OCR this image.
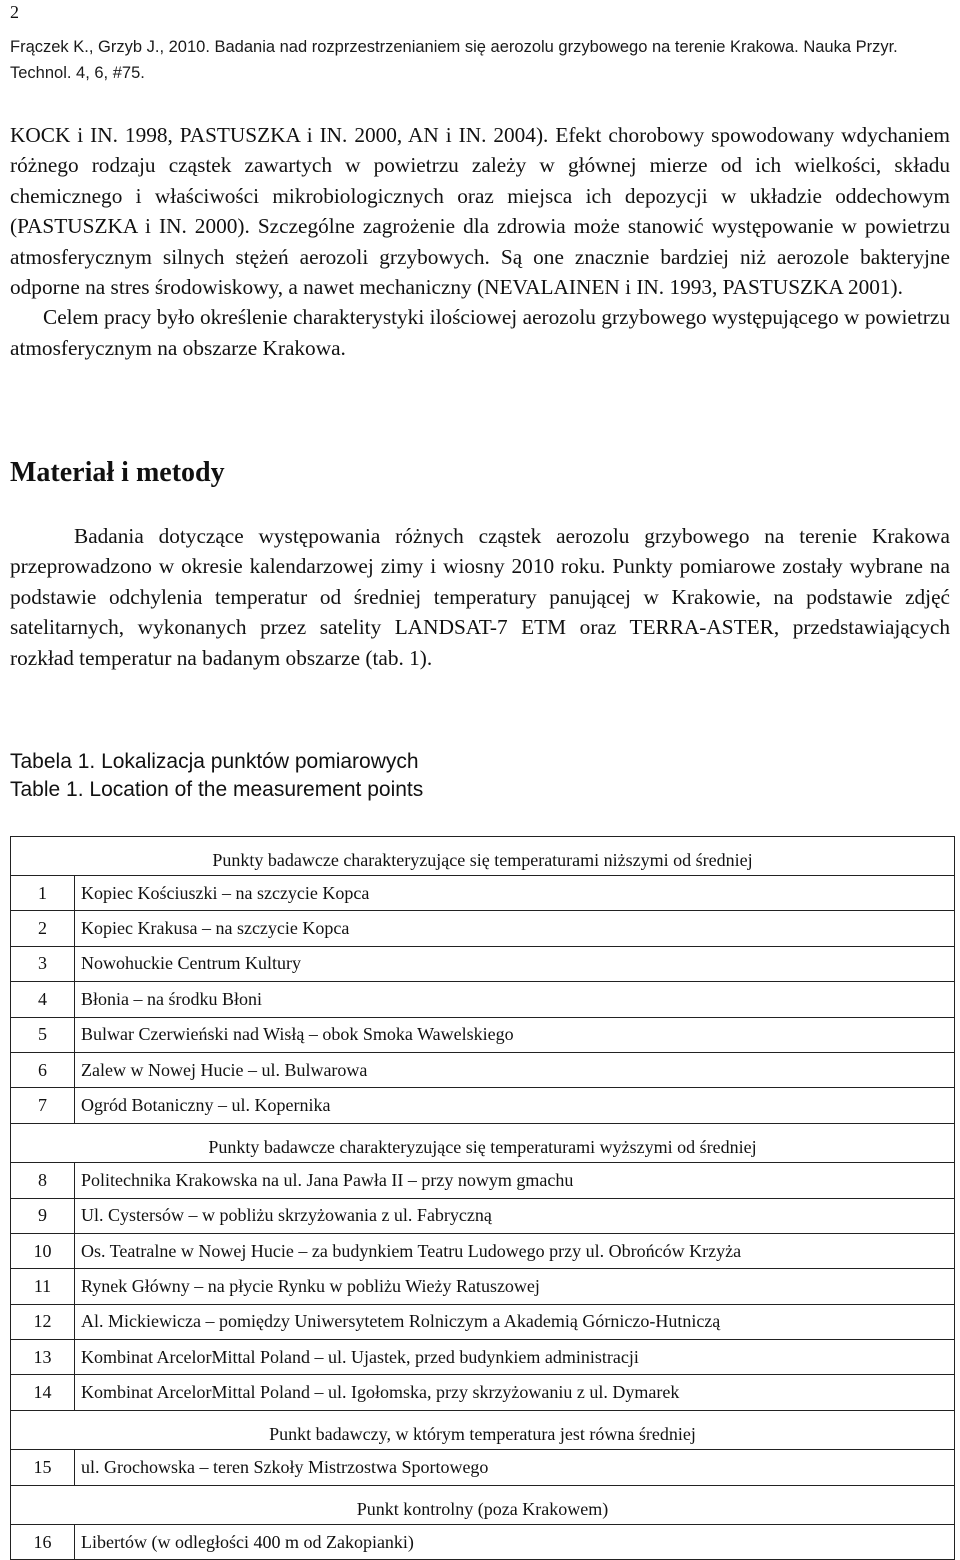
2
Frączek K., Grzyb J., 2010. Badania nad rozprzestrzenianiem się aerozolu grzybowego na terenie Krakowa. Nauka Przyr. Technol. 4, 6, #75.
KOCK i IN. 1998, PASTUSZKA i IN. 2000, AN i IN. 2004). Efekt chorobowy spowodowany wdychaniem różnego rodzaju cząstek zawartych w powietrzu zależy w głównej mierze od ich wielkości, składu chemicznego i właściwości mikrobiologicznych oraz miejsca ich depozycji w układzie oddechowym (PASTUSZKA i IN. 2000). Szczególne zagrożenie dla zdrowia może stanowić występowanie w powietrzu atmosferycznym silnych stężeń aerozoli grzybowych. Są one znacznie bardziej niż aerozole bakteryjne odporne na stres środowiskowy, a nawet mechaniczny (NEVALAINEN i IN. 1993, PASTUSZKA 2001).
Celem pracy było określenie charakterystyki ilościowej aerozolu grzybowego występującego w powietrzu atmosferycznym na obszarze Krakowa.
Materiał i metody
Badania dotyczące występowania różnych cząstek aerozolu grzybowego na terenie Krakowa przeprowadzono w okresie kalendarzowej zimy i wiosny 2010 roku. Punkty pomiarowe zostały wybrane na podstawie odchylenia temperatur od średniej temperatury panującej w Krakowie, na podstawie zdjęć satelitarnych, wykonanych przez satelity LANDSAT-7 ETM oraz TERRA-ASTER, przedstawiających rozkład temperatur na badanym obszarze (tab. 1).
Tabela 1. Lokalizacja punktów pomiarowych
Table 1. Location of the measurement points
Punkty badawcze charakteryzujące się temperaturami niższymi od średniej	
1	Kopiec Kościuszki – na szczycie Kopca
2	Kopiec Krakusa – na szczycie Kopca
3	Nowohuckie Centrum Kultury
4	Błonia – na środku Błoni
5	Bulwar Czerwieński nad Wisłą – obok Smoka Wawelskiego
6	Zalew w Nowej Hucie – ul. Bulwarowa
7	Ogród Botaniczny – ul. Kopernika
Punkty badawcze charakteryzujące się temperaturami wyższymi od średniej	
8	Politechnika Krakowska na ul. Jana Pawła II – przy nowym gmachu
9	Ul. Cystersów – w pobliżu skrzyżowania z ul. Fabryczną
10	Os. Teatralne w Nowej Hucie – za budynkiem Teatru Ludowego przy ul. Obrońców Krzyża
11	Rynek Główny – na płycie Rynku w pobliżu Wieży Ratuszowej
12	Al. Mickiewicza – pomiędzy Uniwersytetem Rolniczym a Akademią Górniczo-Hutniczą
13	Kombinat ArcelorMittal Poland – ul. Ujastek, przed budynkiem administracji
14	Kombinat ArcelorMittal Poland – ul. Igołomska, przy skrzyżowaniu z ul. Dymarek
Punkt badawczy, w którym temperatura jest równa średniej	
15	ul. Grochowska – teren Szkoły Mistrzostwa Sportowego
Punkt kontrolny (poza Krakowem)	
16	Libertów (w odległości 400 m od Zakopianki)
